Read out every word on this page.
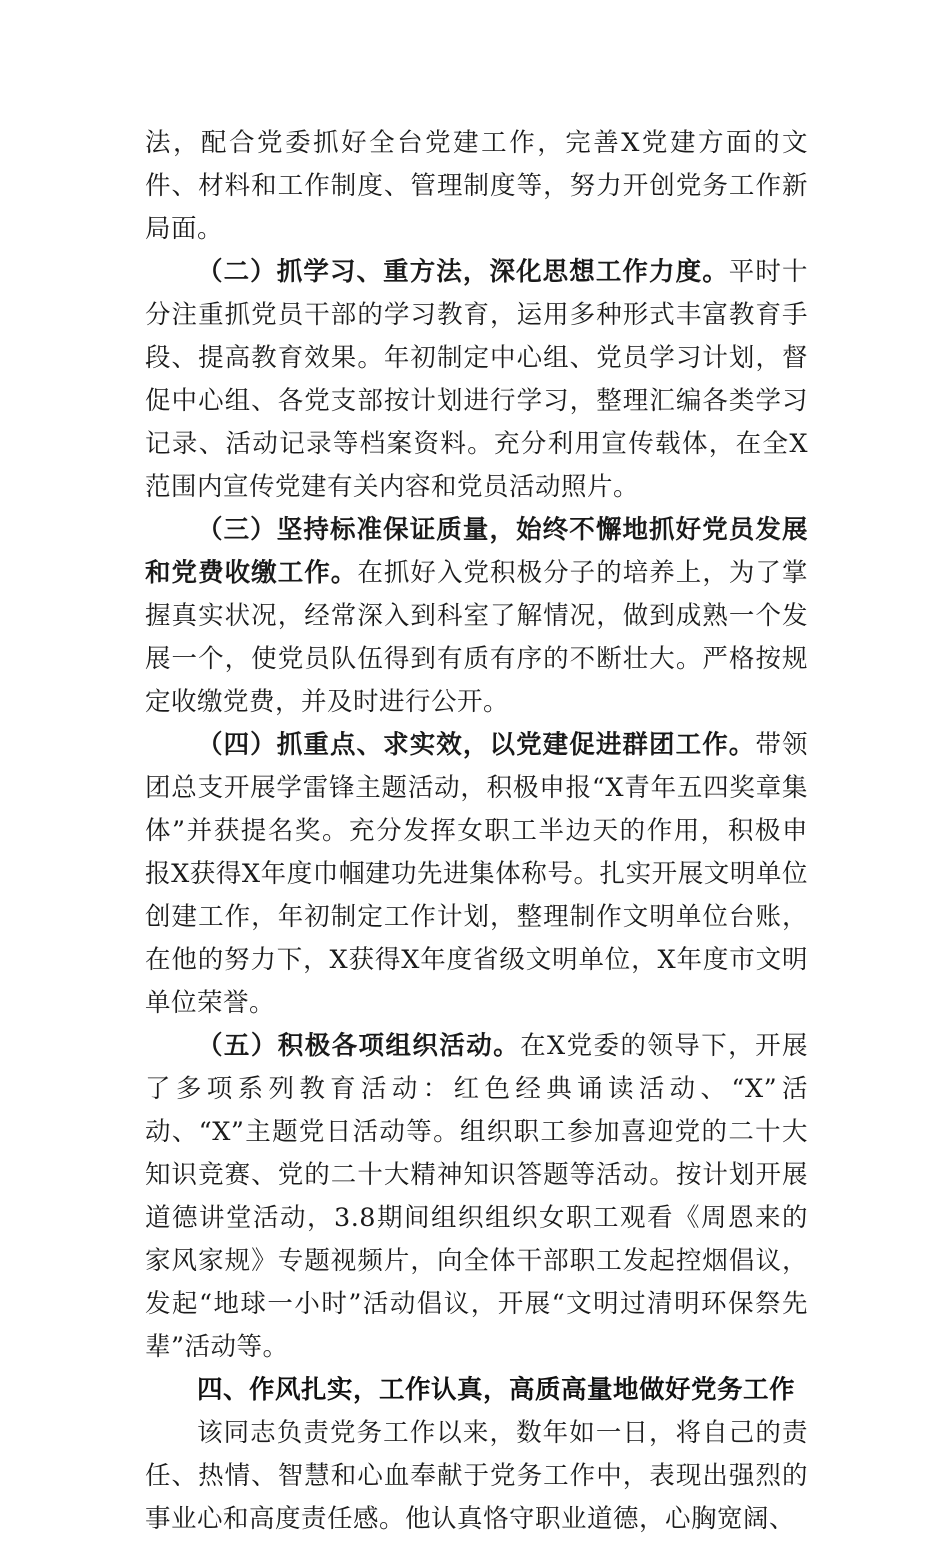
法，配合党委抓好全台党建工作，完善X党建方面的文件、材料和工作制度、管理制度等，努力开创党务工作新局面。

（二）抓学习、重方法，深化思想工作力度。平时十分注重抓党员干部的学习教育，运用多种形式丰富教育手段、提高教育效果。年初制定中心组、党员学习计划，督促中心组、各党支部按计划进行学习，整理汇编各类学习记录、活动记录等档案资料。充分利用宣传载体，在全X范围内宣传党建有关内容和党员活动照片。

（三）坚持标准保证质量，始终不懈地抓好党员发展和党费收缴工作。在抓好入党积极分子的培养上，为了掌握真实状况，经常深入到科室了解情况，做到成熟一个发展一个，使党员队伍得到有质有序的不断壮大。严格按规定收缴党费，并及时进行公开。

（四）抓重点、求实效，以党建促进群团工作。带领团总支开展学雷锋主题活动，积极申报“X青年五四奖章集体”并获提名奖。充分发挥女职工半边天的作用，积极申报X获得X年度巾帼建功先进集体称号。扎实开展文明单位创建工作，年初制定工作计划，整理制作文明单位台账，在他的努力下，X获得X年度省级文明单位，X年度市文明单位荣誉。

（五）积极各项组织活动。在X党委的领导下，开展了多项系列教育活动：红色经典诵读活动、“X”活动、“X”主题党日活动等。组织职工参加喜迎党的二十大知识竞赛、党的二十大精神知识答题等活动。按计划开展道德讲堂活动，3.8期间组织组织女职工观看《周恩来的家风家规》专题视频片，向全体干部职工发起控烟倡议，发起“地球一小时”活动倡议，开展“文明过清明环保祭先辈”活动等。

四、作风扎实，工作认真，高质高量地做好党务工作

该同志负责党务工作以来，数年如一日，将自己的责任、热情、智慧和心血奉献于党务工作中，表现出强烈的事业心和高度责任感。他认真恪守职业道德，心胸宽阔、
